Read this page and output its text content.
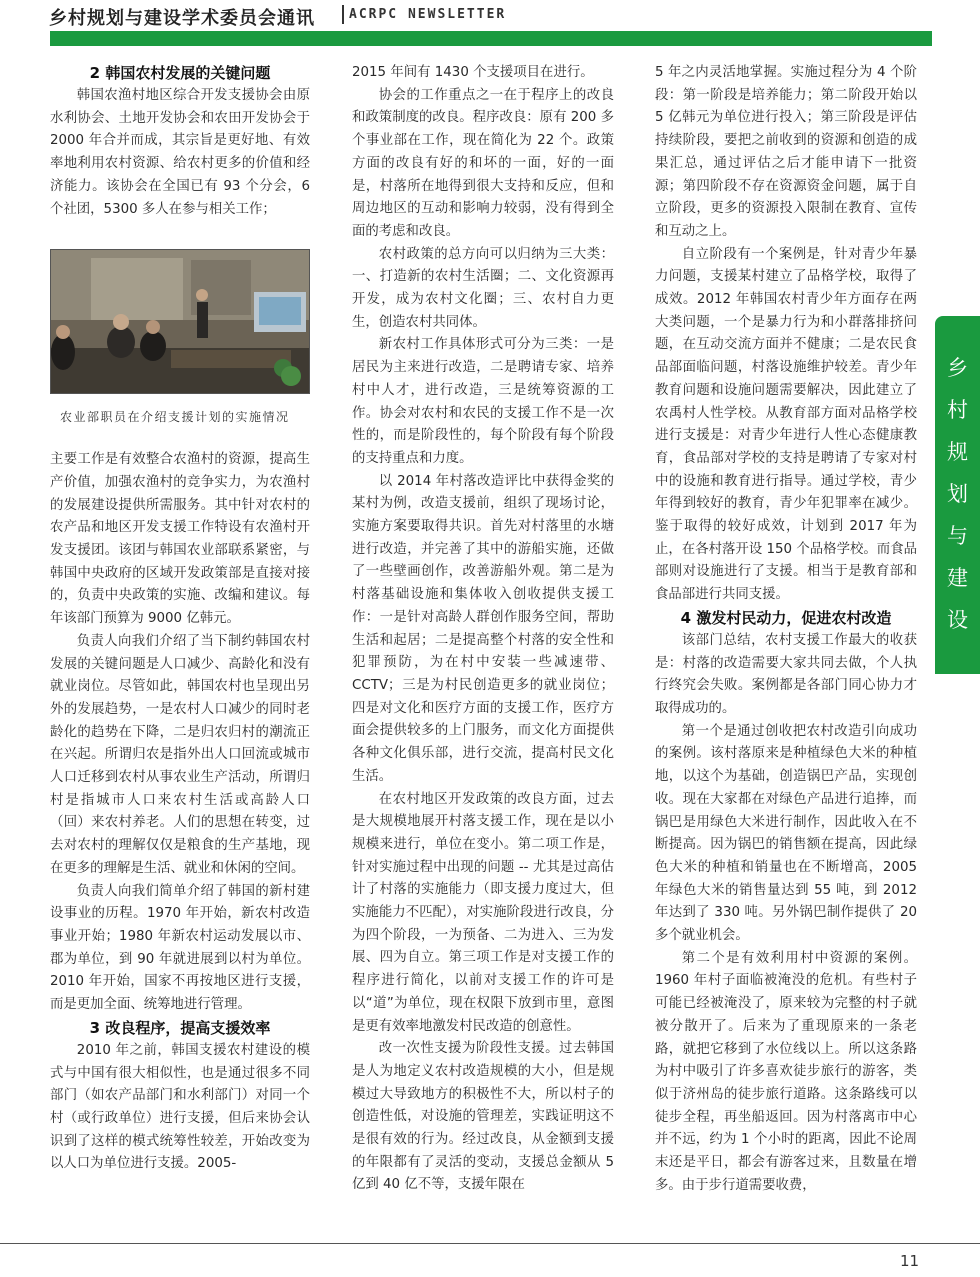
乡村规划与建设学术委员会通讯	ACRPC NEWSLETTER
2 韩国农村发展的关键问题

韩国农渔村地区综合开发支援协会由原水利协会、土地开发协会和农田开发协会于 2000 年合并而成，其宗旨是更好地、有效率地利用农村资源、给农村更多的价值和经济能力。该协会在全国已有 93 个分会，6 个社团，5300 多人在参与相关工作；

农业部职员在介绍支援计划的实施情况

主要工作是有效整合农渔村的资源，提高生产价值，加强农渔村的竞争实力，为农渔村的发展建设提供所需服务。其中针对农村的农产品和地区开发支援工作特设有农渔村开发支援团。该团与韩国农业部联系紧密，与韩国中央政府的区域开发政策部是直接对接的，负责中央政策的实施、改编和建议。每年该部门预算为 9000 亿韩元。

负责人向我们介绍了当下制约韩国农村发展的关键问题是人口减少、高龄化和没有就业岗位。尽管如此，韩国农村也呈现出另外的发展趋势，一是农村人口减少的同时老龄化的趋势在下降，二是归农归村的潮流正在兴起。所谓归农是指外出人口回流或城市人口迁移到农村从事农业生产活动，所谓归村是指城市人口来农村生活或高龄人口（回）来农村养老。人们的思想在转变，过去对农村的理解仅仅是粮食的生产基地，现在更多的理解是生活、就业和休闲的空间。

负责人向我们简单介绍了韩国的新村建设事业的历程。1970 年开始，新农村改造事业开始；1980 年新农村运动发展以市、郡为单位，到 90 年就进展到以村为单位。2010 年开始，国家不再按地区进行支援，而是更加全面、统筹地进行管理。

3 改良程序，提高支援效率

2010 年之前，韩国支援农村建设的模式与中国有很大相似性，也是通过很多不同部门（如农产品部门和水利部门）对同一个村（或行政单位）进行支援，但后来协会认识到了这样的模式统筹性较差，开始改变为以人口为单位进行支援。2005-

2015 年间有 1430 个支援项目在进行。

协会的工作重点之一在于程序上的改良和政策制度的改良。程序改良：原有 200 多个事业部在工作，现在简化为 22 个。政策方面的改良有好的和坏的一面，好的一面是，村落所在地得到很大支持和反应，但和周边地区的互动和影响力较弱，没有得到全面的考虑和改良。

农村政策的总方向可以归纳为三大类：一、打造新的农村生活圈；二、文化资源再开发，成为农村文化圈；三、农村自力更生，创造农村共同体。

新农村工作具体形式可分为三类：一是居民为主来进行改造，二是聘请专家、培养村中人才，进行改造，三是统筹资源的工作。协会对农村和农民的支援工作不是一次性的，而是阶段性的，每个阶段有每个阶段的支持重点和力度。

以 2014 年村落改造评比中获得金奖的某村为例，改造支援前，组织了现场讨论，实施方案要取得共识。首先对村落里的水塘进行改造，并完善了其中的游船实施，还做了一些壁画创作，改善游船外观。第二是为村落基础设施和集体收入创收提供支援工作：一是针对高龄人群创作服务空间，帮助生活和起居；二是提高整个村落的安全性和犯罪预防，为在村中安装一些减速带、CCTV；三是为村民创造更多的就业岗位；四是对文化和医疗方面的支援工作，医疗方面会提供较多的上门服务，而文化方面提供各种文化俱乐部，进行交流，提高村民文化生活。

在农村地区开发政策的改良方面，过去是大规模地展开村落支援工作，现在是以小规模来进行，单位在变小。第二项工作是，针对实施过程中出现的问题 -- 尤其是过高估计了村落的实施能力（即支援力度过大，但实施能力不匹配），对实施阶段进行改良，分为四个阶段，一为预备、二为进入、三为发展、四为自立。第三项工作是对支援工作的程序进行简化，以前对支援工作的许可是以“道”为单位，现在权限下放到市里，意图是更有效率地激发村民改造的创意性。

改一次性支援为阶段性支援。过去韩国是人为地定义农村改造规模的大小，但是规模过大导致地方的积极性不大，所以村子的创造性低，对设施的管理差，实践证明这不是很有效的行为。经过改良，从金额到支援的年限都有了灵活的变动，支援总金额从 5 亿到 40 亿不等，支援年限在

5 年之内灵活地掌握。实施过程分为 4 个阶段：第一阶段是培养能力；第二阶段开始以 5 亿韩元为单位进行投入；第三阶段是评估持续阶段，要把之前收到的资源和创造的成果汇总，通过评估之后才能申请下一批资源；第四阶段不存在资源资金问题，属于自立阶段，更多的资源投入限制在教育、宣传和互动之上。

自立阶段有一个案例是，针对青少年暴力问题，支援某村建立了品格学校，取得了成效。2012 年韩国农村青少年方面存在两大类问题，一个是暴力行为和小群落排挤问题，在互动交流方面并不健康；二是农民食品部面临问题，村落设施维护较差。青少年教育问题和设施问题需要解决，因此建立了农禹村人性学校。从教育部方面对品格学校进行支援是：对青少年进行人性心态健康教育，食品部对学校的支持是聘请了专家对村中的设施和教育进行指导。通过学校，青少年得到较好的教育，青少年犯罪率在减少。鉴于取得的较好成效，计划到 2017 年为止，在各村落开设 150 个品格学校。而食品部则对设施进行了支援。相当于是教育部和食品部进行共同支援。

4 激发村民动力，促进农村改造

该部门总结，农村支援工作最大的收获是：村落的改造需要大家共同去做，个人执行终究会失败。案例都是各部门同心协力才取得成功的。

第一个是通过创收把农村改造引向成功的案例。该村落原来是种植绿色大米的种植地，以这个为基础，创造锅巴产品，实现创收。现在大家都在对绿色产品进行追捧，而锅巴是用绿色大米进行制作，因此收入在不断提高。因为锅巴的销售额在提高，因此绿色大米的种植和销量也在不断增高，2005 年绿色大米的销售量达到 55 吨，到 2012 年达到了 330 吨。另外锅巴制作提供了 20 多个就业机会。

第二个是有效利用村中资源的案例。1960 年村子面临被淹没的危机。有些村子可能已经被淹没了，原来较为完整的村子就被分散开了。后来为了重现原来的一条老路，就把它移到了水位线以上。所以这条路为村中吸引了许多喜欢徒步旅行的游客，类似于济州岛的徒步旅行道路。这条路线可以徒步全程，再坐船返回。因为村落离市中心并不远，约为 1 个小时的距离，因此不论周末还是平日，都会有游客过来，且数量在增多。由于步行道需要收费，

乡
村
规
划
与
建
设
11
